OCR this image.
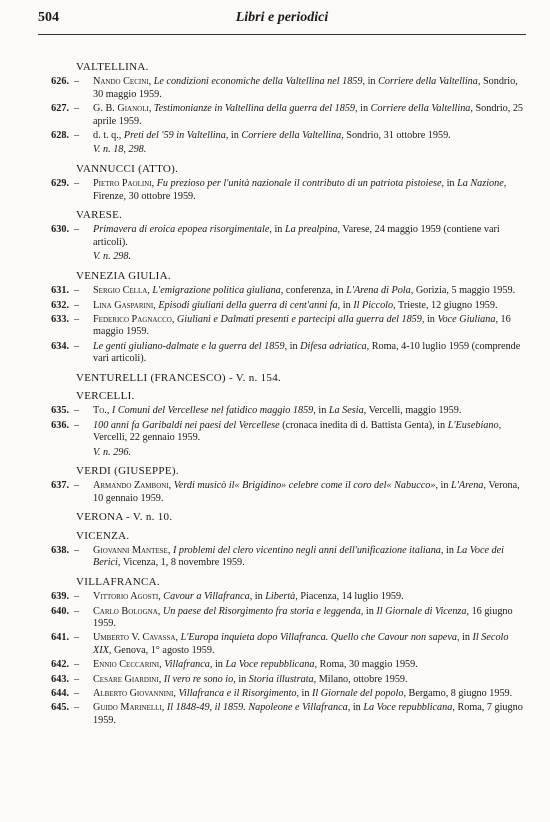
504	Libri e periodici
VALTELLINA.
626. – Nando Cecini, Le condizioni economiche della Valtellina nel 1859, in Corriere della Valtellina, Sondrio, 30 maggio 1959.
627. – G. B. Gianoli, Testimonianze in Valtellina della guerra del 1859, in Corriere della Valtellina, Sondrio, 25 aprile 1959.
628. – d. t. q., Preti del '59 in Valtellina, in Corriere della Valtellina, Sondrio, 31 ottobre 1959.
V. n. 18, 298.
VANNUCCI (ATTO).
629. – Pietro Paolini, Fu prezioso per l'unità nazionale il contributo di un patriota pistoiese, in La Nazione, Firenze, 30 ottobre 1959.
VARESE.
630. – Primavera di eroica epopea risorgimentale, in La prealpina, Varese, 24 maggio 1959 (contiene vari articoli).
V. n. 298.
VENEZIA GIULIA.
631. – Sergio Cella, L'emigrazione politica giuliana, conferenza, in L'Arena di Pola, Gorizia, 5 maggio 1959.
632. – Lina Gasparini, Episodi giuliani della guerra di cent'anni fa, in Il Piccolo, Trieste, 12 giugno 1959.
633. – Federico Pagnacco, Giuliani e Dalmati presenti e partecipi alla guerra del 1859, in Voce Giuliana, 16 maggio 1959.
634. – Le genti giuliano-dalmate e la guerra del 1859, in Difesa adriatica, Roma, 4-10 luglio 1959 (comprende vari articoli).
VENTURELLI (FRANCESCO) - V. n. 154.
VERCELLI.
635. – To., I Comuni del Vercellese nel fatidico maggio 1859, in La Sesia, Vercelli, maggio 1959.
636. – 100 anni fa Garibaldi nei paesi del Vercellese (cronaca inedita di d. Battista Genta), in L'Eusebiano, Vercelli, 22 gennaio 1959.
V. n. 296.
VERDI (GIUSEPPE).
637. – Armando Zamboni, Verdi musicò il« Brigidino» celebre come il coro del« Nabucco», in L'Arena, Verona, 10 gennaio 1959.
VERONA - V. n. 10.
VICENZA.
638. – Giovanni Mantese, I problemi del clero vicentino negli anni dell'unificazione italiana, in La Voce dei Berici, Vicenza, 1, 8 novembre 1959.
VILLAFRANCA.
639. – Vittorio Agosti, Cavour a Villafranca, in Libertà, Piacenza, 14 luglio 1959.
640. – Carlo Bologna, Un paese del Risorgimento fra storia e leggenda, in Il Giornale di Vicenza, 16 giugno 1959.
641. – Umberto V. Cavassa, L'Europa inquieta dopo Villafranca. Quello che Cavour non sapeva, in Il Secolo XIX, Genova, 1° agosto 1959.
642. – Ennio Ceccarini, Villafranca, in La Voce repubblicana, Roma, 30 maggio 1959.
643. – Cesare Giardini, Il vero re sono io, in Storia illustrata, Milano, ottobre 1959.
644. – Alberto Giovannini, Villafranca e il Risorgimento, in Il Giornale del popolo, Bergamo, 8 giugno 1959.
645. – Guido Marinelli, Il 1848-49, il 1859. Napoleone e Villafranca, in La Voce repubblicana, Roma, 7 giugno 1959.
